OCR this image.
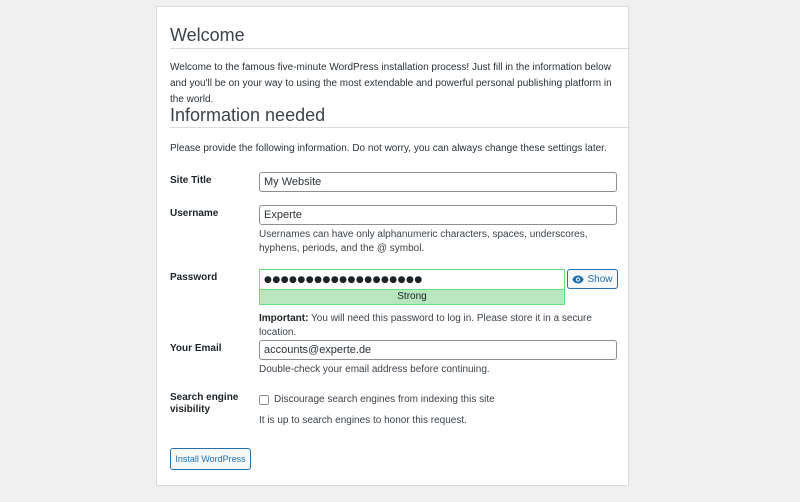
Welcome

Welcome to the famous five-minute WordPress installation process! Just fill in the information below and you'll be on your way to using the most extendable and powerful personal publishing platform in the world.

Information needed

Please provide the following information. Do not worry, you can always change these settings later.

Site Title
My Website
Username
Experte
Usernames can have only alphanumeric characters, spaces, underscores, hyphens, periods, and the @ symbol.
Password
●●●●●●●●●●●●●●●●●●●	Show
Strong
Important: You will need this password to log in. Please store it in a secure location.
Your Email
accounts@experte.de
Double-check your email address before continuing.
Search engine visibility
Discourage search engines from indexing this site
It is up to search engines to honor this request.
Install WordPress
